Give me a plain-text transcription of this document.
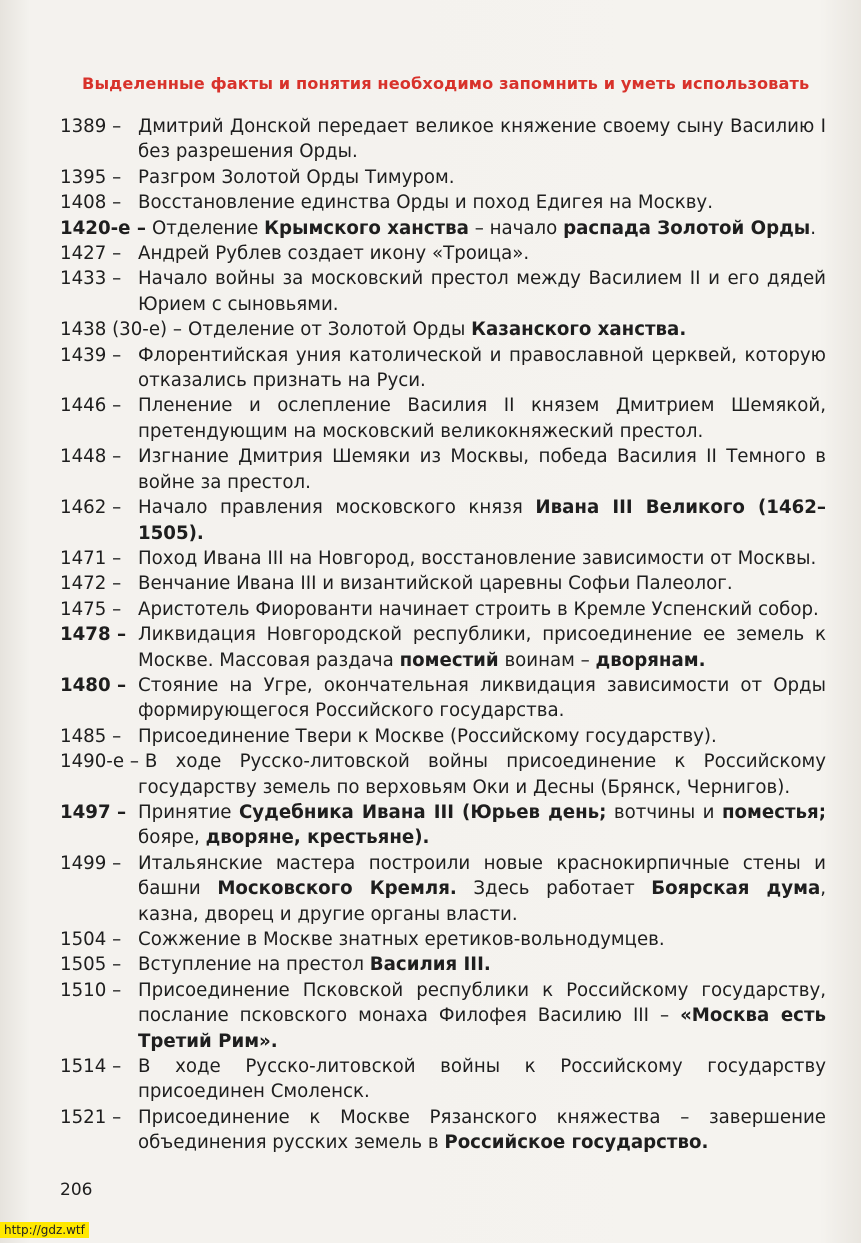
Выделенные факты и понятия необходимо запомнить и уметь использовать
1389 – Дмитрий Донской передает великое княжение своему сыну Василию I без разрешения Орды.
1395 – Разгром Золотой Орды Тимуром.
1408 – Восстановление единства Орды и поход Едигея на Москву.
1420-е – Отделение Крымского ханства – начало распада Золотой Орды.
1427 – Андрей Рублев создает икону «Троица».
1433 – Начало войны за московский престол между Василием II и его дядей Юрием с сыновьями.
1438 (30-е) – Отделение от Золотой Орды Казанского ханства.
1439 – Флорентийская уния католической и православной церквей, которую отказались признать на Руси.
1446 – Пленение и ослепление Василия II князем Дмитрием Шемякой, претендующим на московский великокняжеский престол.
1448 – Изгнание Дмитрия Шемяки из Москвы, победа Василия II Темного в войне за престол.
1462 – Начало правления московского князя Ивана III Великого (1462–1505).
1471 – Поход Ивана III на Новгород, восстановление зависимости от Москвы.
1472 – Венчание Ивана III и византийской царевны Софьи Палеолог.
1475 – Аристотель Фиорованти начинает строить в Кремле Успенский собор.
1478 – Ликвидация Новгородской республики, присоединение ее земель к Москве. Массовая раздача поместий воинам – дворянам.
1480 – Стояние на Угре, окончательная ликвидация зависимости от Орды формирующегося Российского государства.
1485 – Присоединение Твери к Москве (Российскому государству).
1490-е – В ходе Русско-литовской войны присоединение к Российскому государству земель по верховьям Оки и Десны (Брянск, Чернигов).
1497 – Принятие Судебника Ивана III (Юрьев день; вотчины и поместья; бояре, дворяне, крестьяне).
1499 – Итальянские мастера построили новые краснокирпичные стены и башни Московского Кремля. Здесь работает Боярская дума, казна, дворец и другие органы власти.
1504 – Сожжение в Москве знатных еретиков-вольнодумцев.
1505 – Вступление на престол Василия III.
1510 – Присоединение Псковской республики к Российскому государству, послание псковского монаха Филофея Василию III – «Москва есть Третий Рим».
1514 – В ходе Русско-литовской войны к Российскому государству присоединен Смоленск.
1521 – Присоединение к Москве Рязанского княжества – завершение объединения русских земель в Российское государство.
206
http://gdz.wtf
